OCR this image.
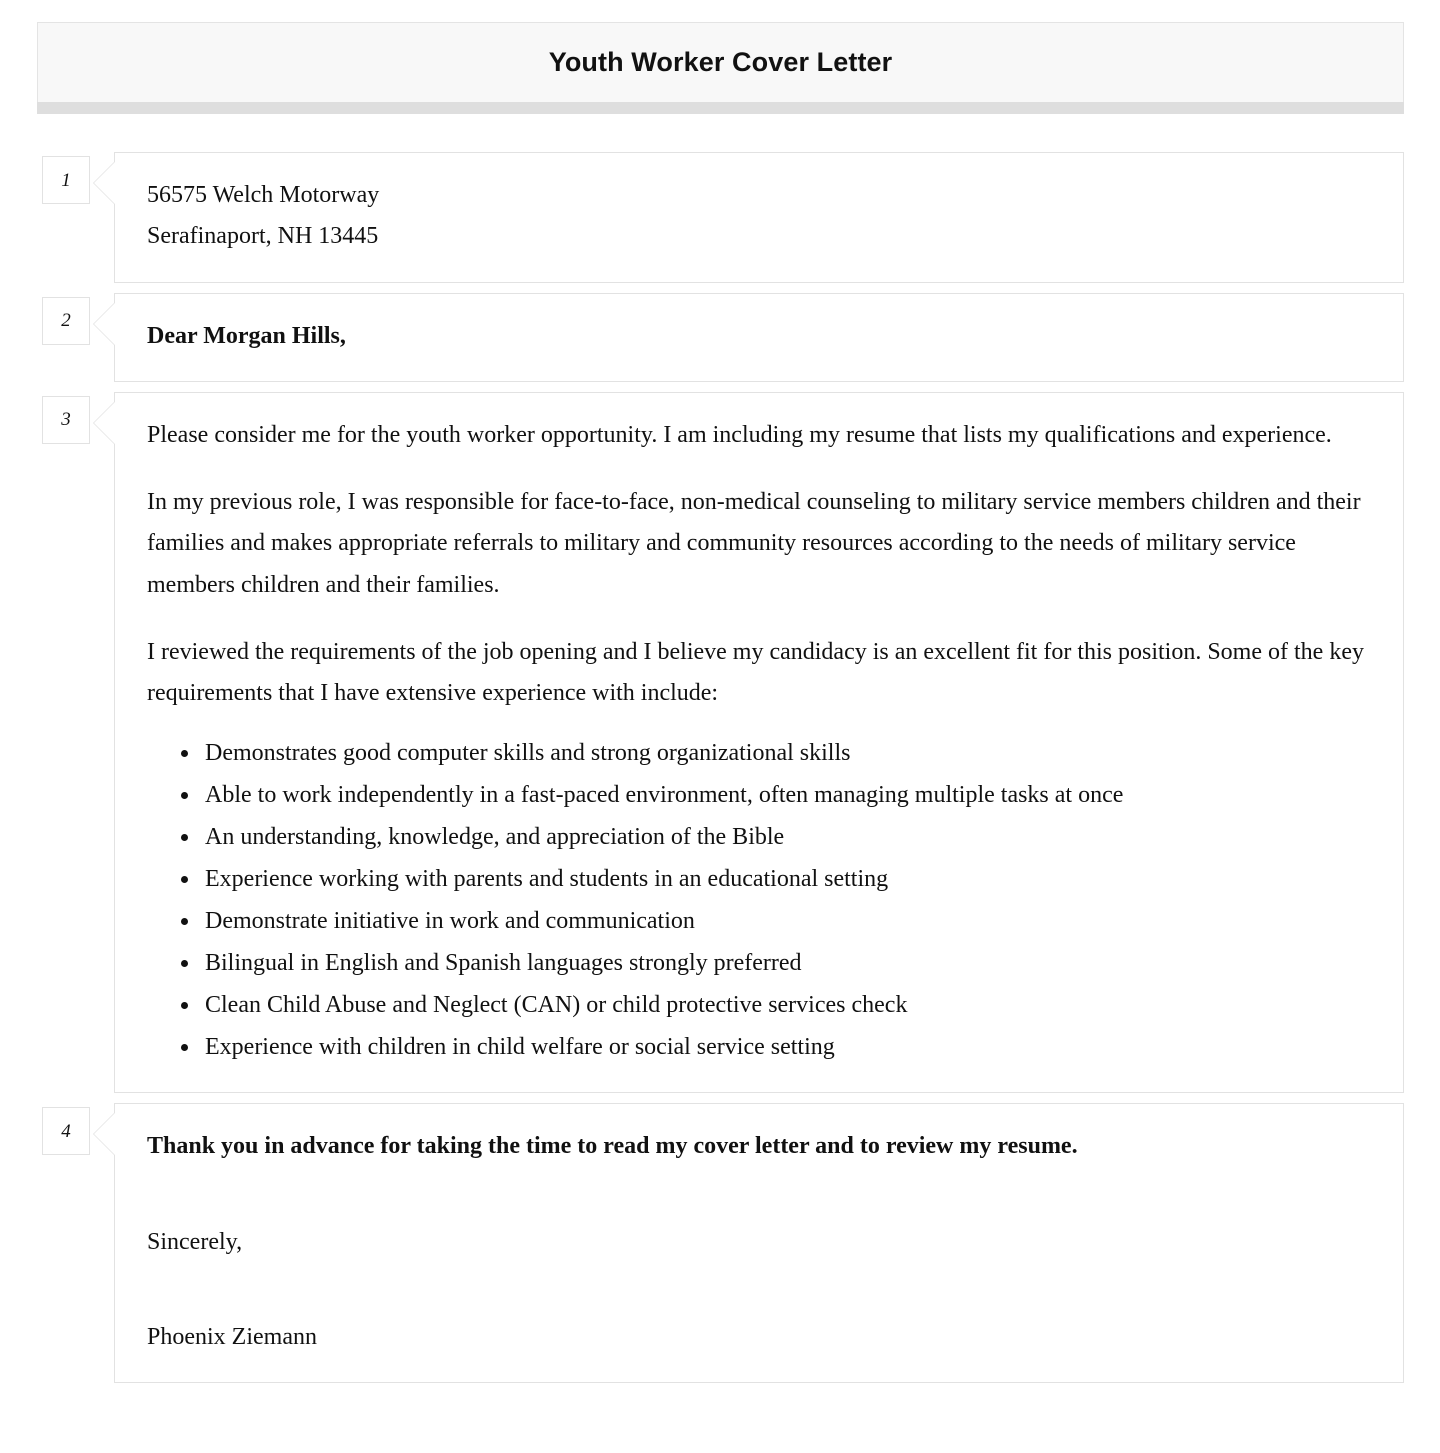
Youth Worker Cover Letter
1

56575 Welch Motorway

Serafinaport, NH 13445

2

Dear Morgan Hills,

3

Please consider me for the youth worker opportunity. I am including my resume that lists my qualifications and experience.

In my previous role, I was responsible for face-to-face, non-medical counseling to military service members children and their families and makes appropriate referrals to military and community resources according to the needs of military service members children and their families.

I reviewed the requirements of the job opening and I believe my candidacy is an excellent fit for this position. Some of the key requirements that I have extensive experience with include:

• Demonstrates good computer skills and strong organizational skills
• Able to work independently in a fast-paced environment, often managing multiple tasks at once
• An understanding, knowledge, and appreciation of the Bible
• Experience working with parents and students in an educational setting
• Demonstrate initiative in work and communication
• Bilingual in English and Spanish languages strongly preferred
• Clean Child Abuse and Neglect (CAN) or child protective services check
• Experience with children in child welfare or social service setting
4

Thank you in advance for taking the time to read my cover letter and to review my resume.

Sincerely,

Phoenix Ziemann
